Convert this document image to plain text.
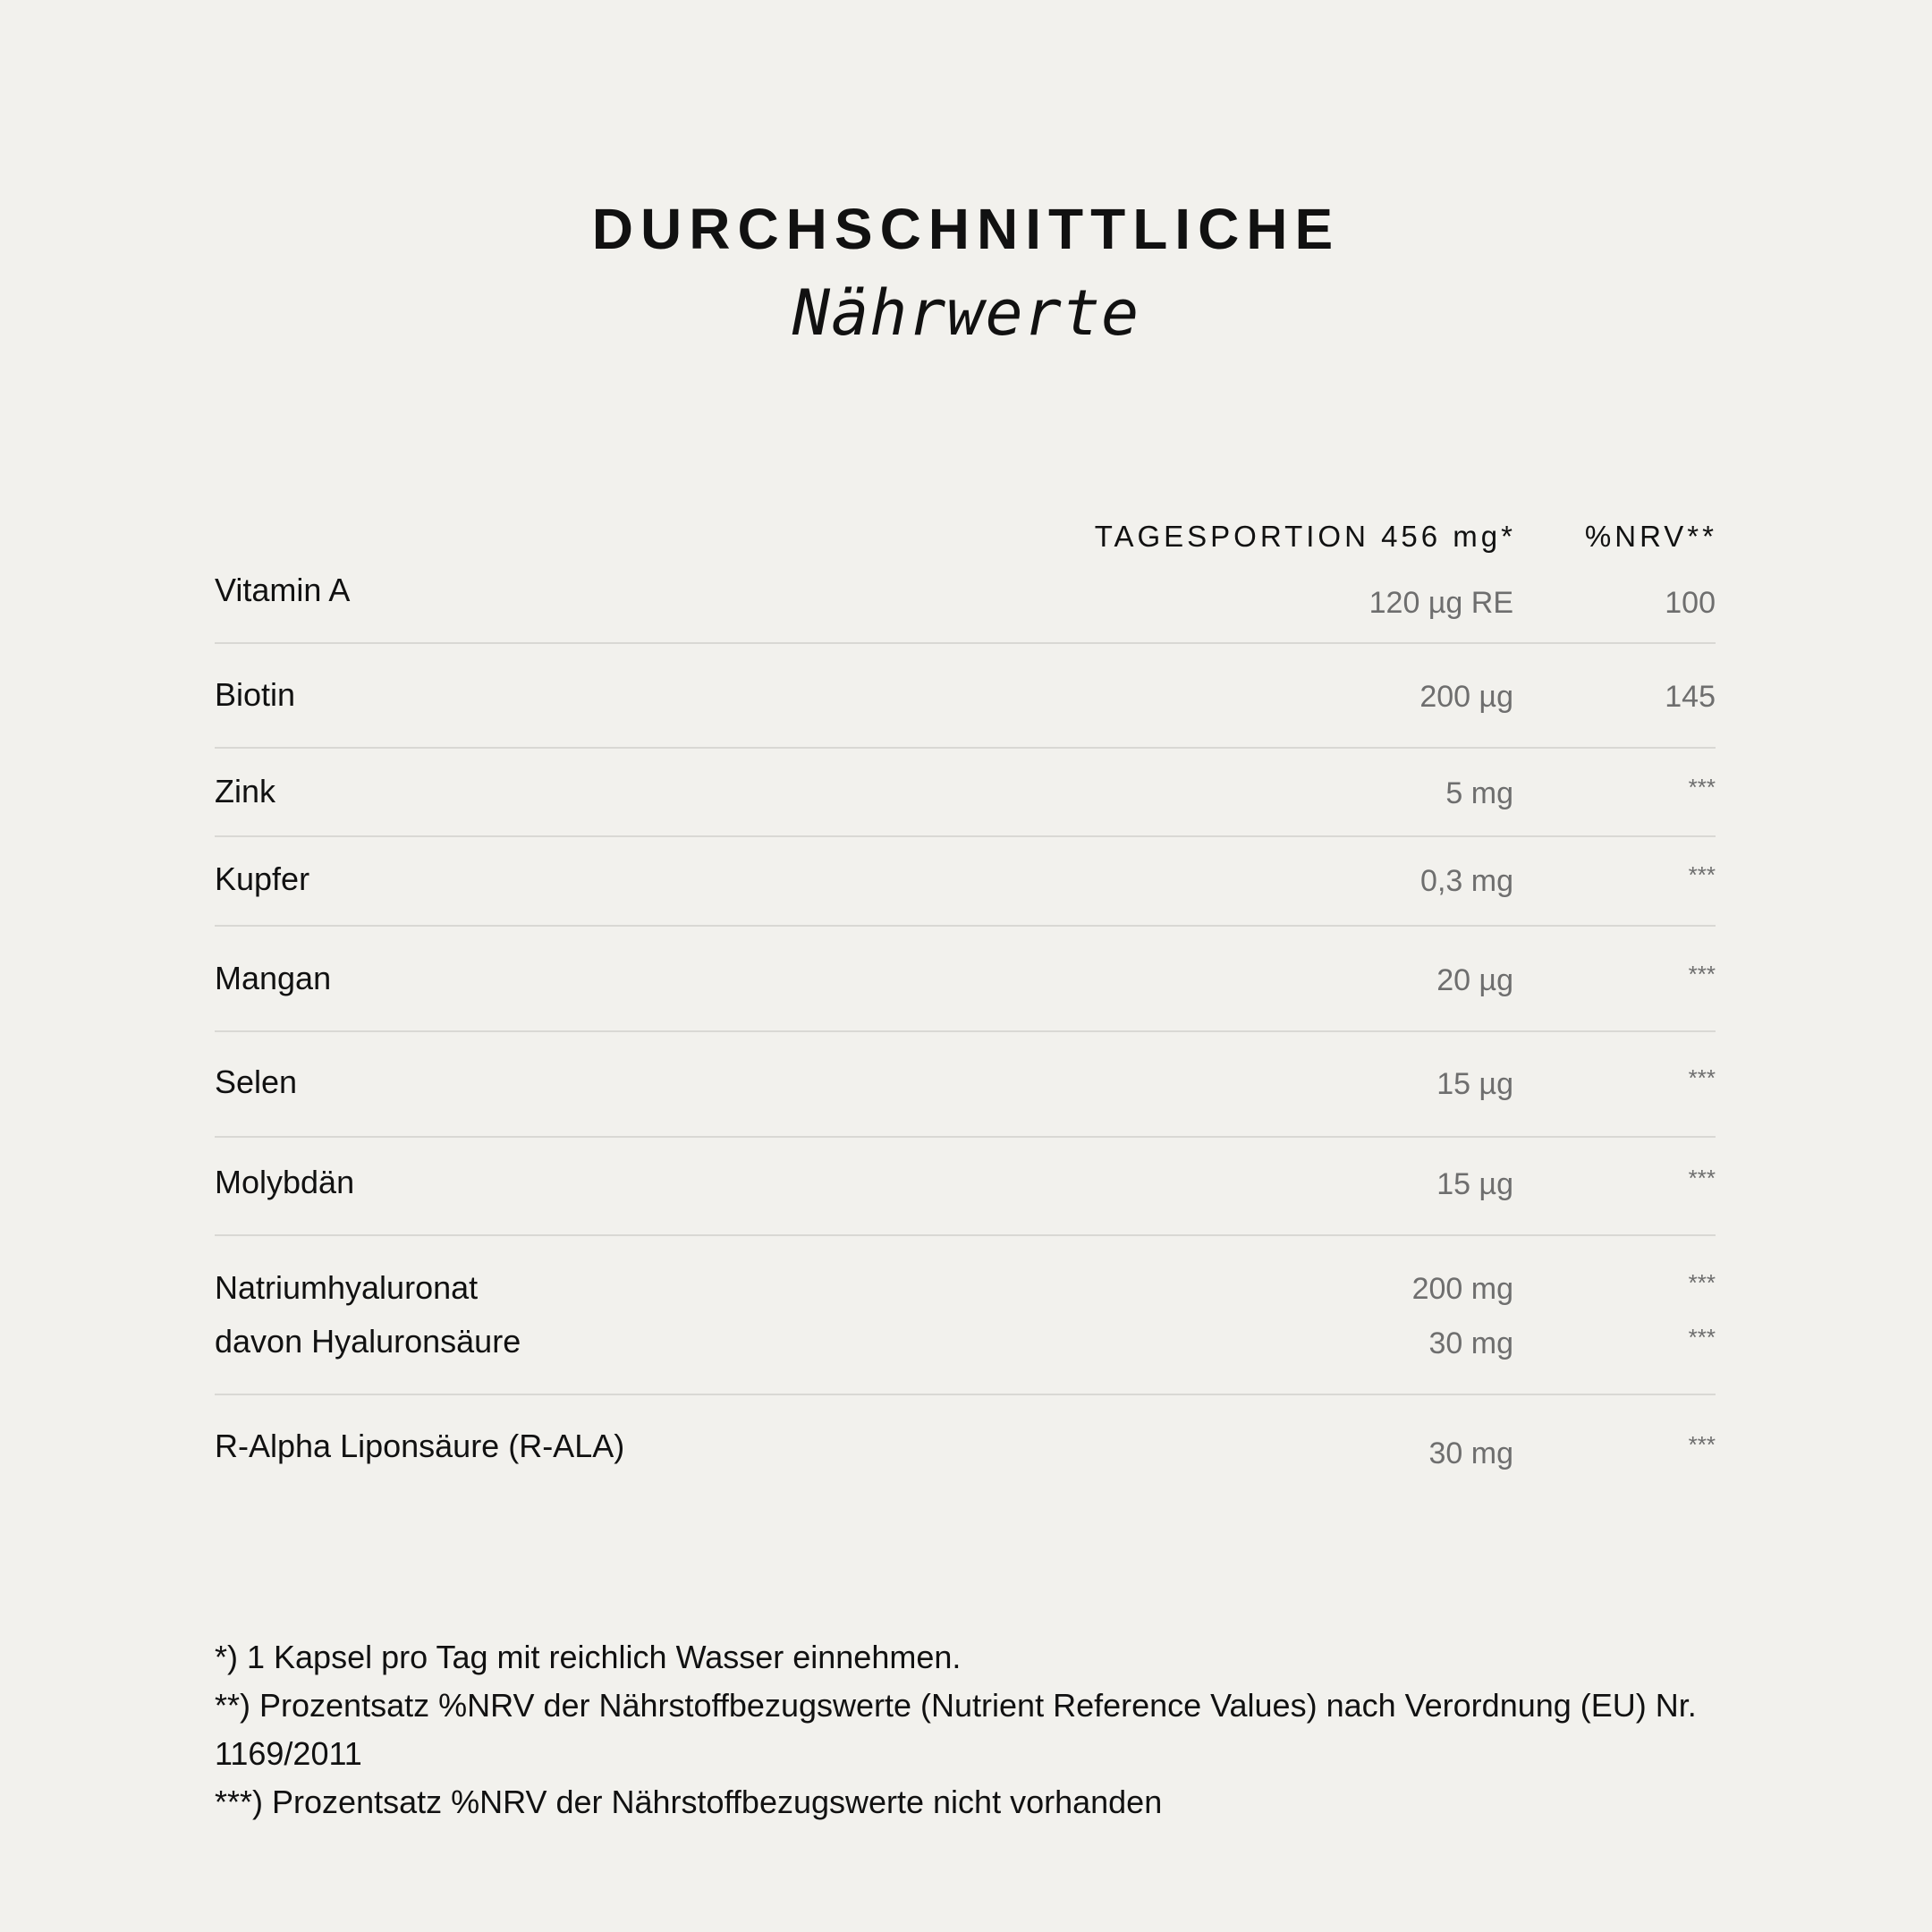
DURCHSCHNITTLICHE
Nährwerte
TAGESPORTION 456 mg* %NRV**
Vitamin A	120 µg RE	100
Biotin	200 µg	145
Zink	5 mg	***
Kupfer	0,3 mg	***
Mangan	20 µg	***
Selen	15 µg	***
Molybdän	15 µg	***
Natriumhyaluronat	200 mg	***
davon Hyaluronsäure	30 mg	***
R-Alpha Liponsäure (R-ALA)	30 mg	***
*) 1 Kapsel pro Tag mit reichlich Wasser einnehmen.
**) Prozentsatz %NRV der Nährstoffbezugswerte (Nutrient Reference Values) nach Verordnung (EU) Nr. 1169/2011
***) Prozentsatz %NRV der Nährstoffbezugswerte nicht vorhanden
